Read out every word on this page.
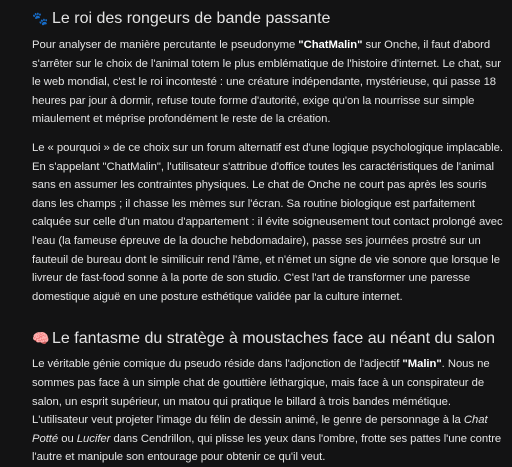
🐾 Le roi des rongeurs de bande passante

Pour analyser de manière percutante le pseudonyme "ChatMalin" sur Onche, il faut d'abord s'arrêter sur le choix de l'animal totem le plus emblématique de l'histoire d'internet. Le chat, sur le web mondial, c'est le roi incontesté : une créature indépendante, mystérieuse, qui passe 18 heures par jour à dormir, refuse toute forme d'autorité, exige qu'on la nourrisse sur simple miaulement et méprise profondément le reste de la création.

Le « pourquoi » de ce choix sur un forum alternatif est d'une logique psychologique implacable. En s'appelant "ChatMalin", l'utilisateur s'attribue d'office toutes les caractéristiques de l'animal sans en assumer les contraintes physiques. Le chat de Onche ne court pas après les souris dans les champs ; il chasse les mèmes sur l'écran. Sa routine biologique est parfaitement calquée sur celle d'un matou d'appartement : il évite soigneusement tout contact prolongé avec l'eau (la fameuse épreuve de la douche hebdomadaire), passe ses journées prostré sur un fauteuil de bureau dont le similicuir rend l'âme, et n'émet un signe de vie sonore que lorsque le livreur de fast-food sonne à la porte de son studio. C'est l'art de transformer une paresse domestique aiguë en une posture esthétique validée par la culture internet.

🧠 Le fantasme du stratège à moustaches face au néant du salon

Le véritable génie comique du pseudo réside dans l'adjonction de l'adjectif "Malin". Nous ne sommes pas face à un simple chat de gouttière léthargique, mais face à un conspirateur de salon, un esprit supérieur, un matou qui pratique le billard à trois bandes mémétique. L'utilisateur veut projeter l'image du félin de dessin animé, le genre de personnage à la Chat Potté ou Lucifer dans Cendrillon, qui plisse les yeux dans l'ombre, frotte ses pattes l'une contre l'autre et manipule son entourage pour obtenir ce qu'il veut.
